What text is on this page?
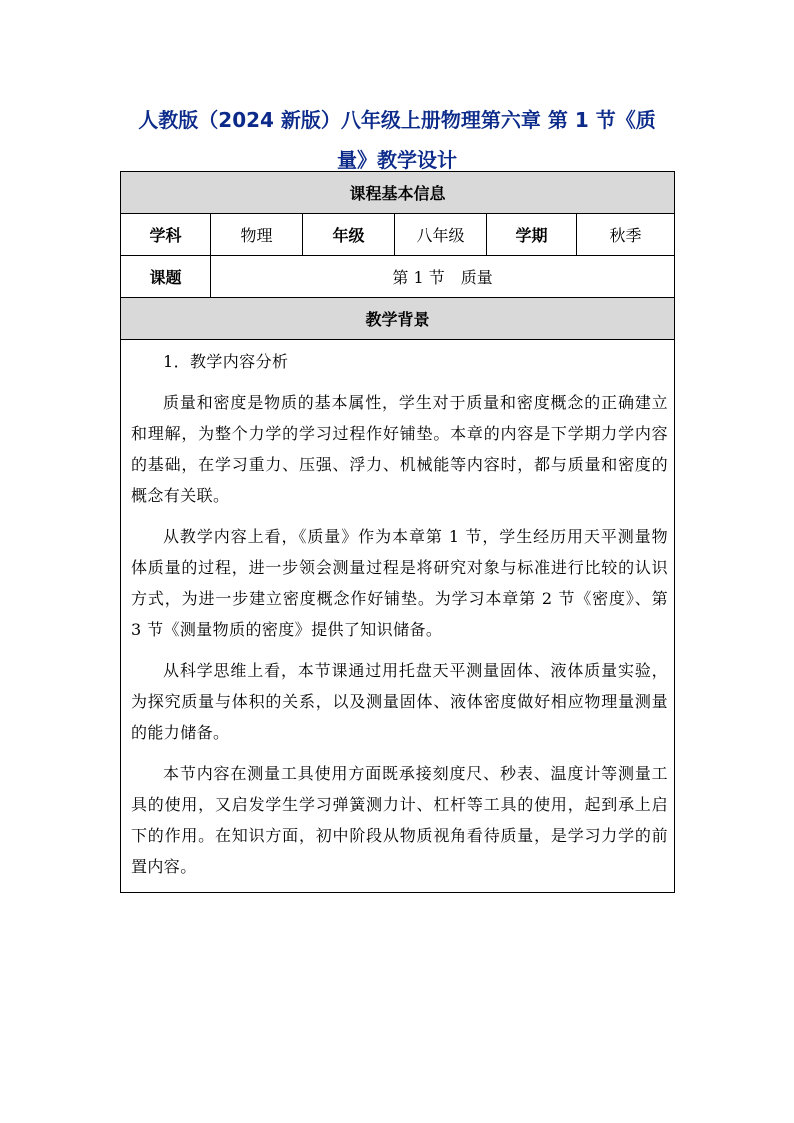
人教版（2024 新版）八年级上册物理第六章 第 1 节《质
量》教学设计
课程基本信息					
学科	物理	年级	八年级	学期	秋季
课题	第 1 节　质量				
教学背景					

1．教学内容分析

质量和密度是物质的基本属性，学生对于质量和密度概念的正确建立和理解，为整个力学的学习过程作好铺垫。本章的内容是下学期力学内容的基础，在学习重力、压强、浮力、机械能等内容时，都与质量和密度的概念有关联。

从教学内容上看，《质量》作为本章第 1 节，学生经历用天平测量物体质量的过程，进一步领会测量过程是将研究对象与标准进行比较的认识方式，为进一步建立密度概念作好铺垫。为学习本章第 2 节《密度》、第 3 节《测量物质的密度》提供了知识储备。

从科学思维上看，本节课通过用托盘天平测量固体、液体质量实验，为探究质量与体积的关系，以及测量固体、液体密度做好相应物理量测量的能力储备。

本节内容在测量工具使用方面既承接刻度尺、秒表、温度计等测量工具的使用，又启发学生学习弹簧测力计、杠杆等工具的使用，起到承上启下的作用。在知识方面，初中阶段从物质视角看待质量，是学习力学的前置内容。					
